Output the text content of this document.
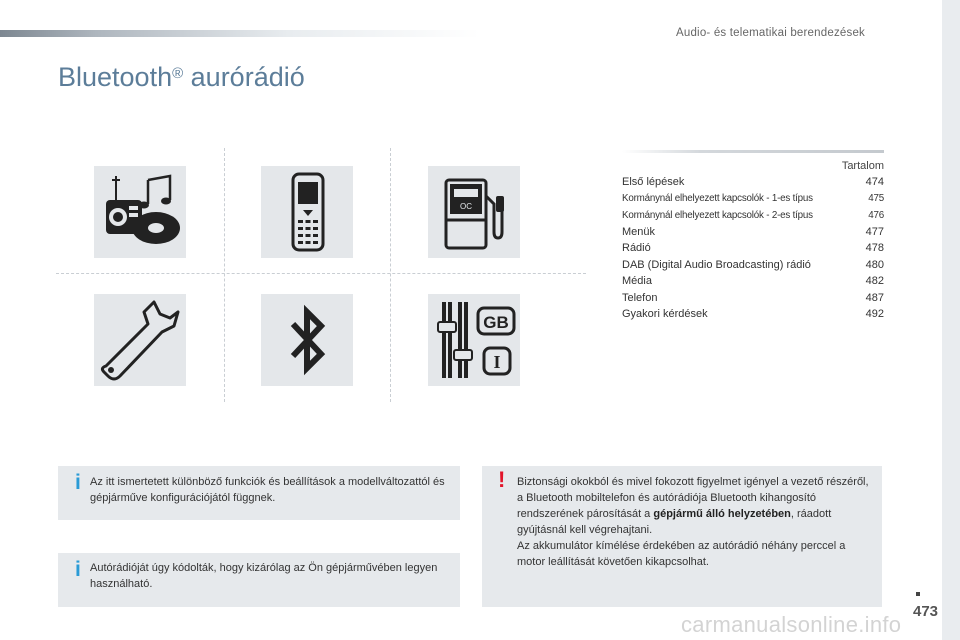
Audio- és telematikai berendezések
Bluetooth® aurórádió
OC
GB
I
Tartalom
Első lépések	474
Kormánynál elhelyezett kapcsolók - 1-es típus	475
Kormánynál elhelyezett kapcsolók - 2-es típus	476
Menük	477
Rádió	478
DAB (Digital Audio Broadcasting) rádió	480
Média	482
Telefon	487
Gyakori kérdések	492
i Az itt ismertetett különböző funkciók és beállítások a modellváltozattól és gépjárműve konfigurációjától függnek.
i Autórádióját úgy kódolták, hogy kizárólag az Ön gépjárművében legyen használható.
! Biztonsági okokból és mivel fokozott figyelmet igényel a vezető részéről, a Bluetooth mobiltelefon és autórádiója Bluetooth kihangosító rendszerének párosítását a gépjármű álló helyzetében, ráadott gyújtásnál kell végrehajtani.

Az akkumulátor kímélése érdekében az autórádió néhány perccel a motor leállítását követően kikapcsolhat.

473
carmanualsonline.info
